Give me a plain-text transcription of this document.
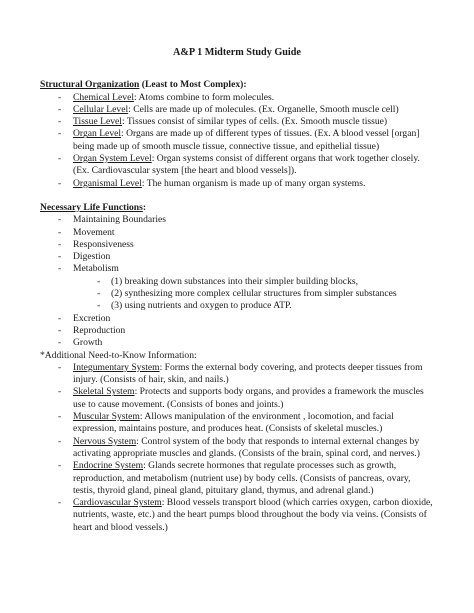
A&P 1 Midterm Study Guide

Structural Organization (Least to Most Complex):

- Chemical Level: Atoms combine to form molecules.
- Cellular Level: Cells are made up of molecules. (Ex. Organelle, Smooth muscle cell)
- Tissue Level: Tissues consist of similar types of cells. (Ex. Smooth muscle tissue)
- Organ Level: Organs are made up of different types of tissues. (Ex. A blood vessel [organ] being made up of smooth muscle tissue, connective tissue, and epithelial tissue)
- Organ System Level: Organ systems consist of different organs that work together closely. (Ex. Cardiovascular system [the heart and blood vessels]).
- Organismal Level: The human organism is made up of many organ systems.

Necessary Life Functions:

- Maintaining Boundaries
- Movement
- Responsiveness
- Digestion
- Metabolism
- (1) breaking down substances into their simpler building blocks,
- (2) synthesizing more complex cellular structures from simpler substances
- (3) using nutrients and oxygen to produce ATP.
- Excretion
- Reproduction
- Growth

*Additional Need-to-Know Information:

- Integumentary System: Forms the external body covering, and protects deeper tissues from injury. (Consists of hair, skin, and nails.)
- Skeletal System: Protects and supports body organs, and provides a framework the muscles use to cause movement. (Consists of bones and joints.)
- Muscular System: Allows manipulation of the environment , locomotion, and facial expression, maintains posture, and produces heat. (Consists of skeletal muscles.)
- Nervous System: Control system of the body that responds to internal external changes by activating appropriate muscles and glands. (Consists of the brain, spinal cord, and nerves.)
- Endocrine System: Glands secrete hormones that regulate processes such as growth, reproduction, and metabolism (nutrient use) by body cells. (Consists of pancreas, ovary, testis, thyroid gland, pineal gland, pituitary gland, thymus, and adrenal gland.)
- Cardiovascular System: Blood vessels transport blood (which carries oxygen, carbon dioxide, nutrients, waste, etc.) and the heart pumps blood throughout the body via veins. (Consists of heart and blood vessels.)
